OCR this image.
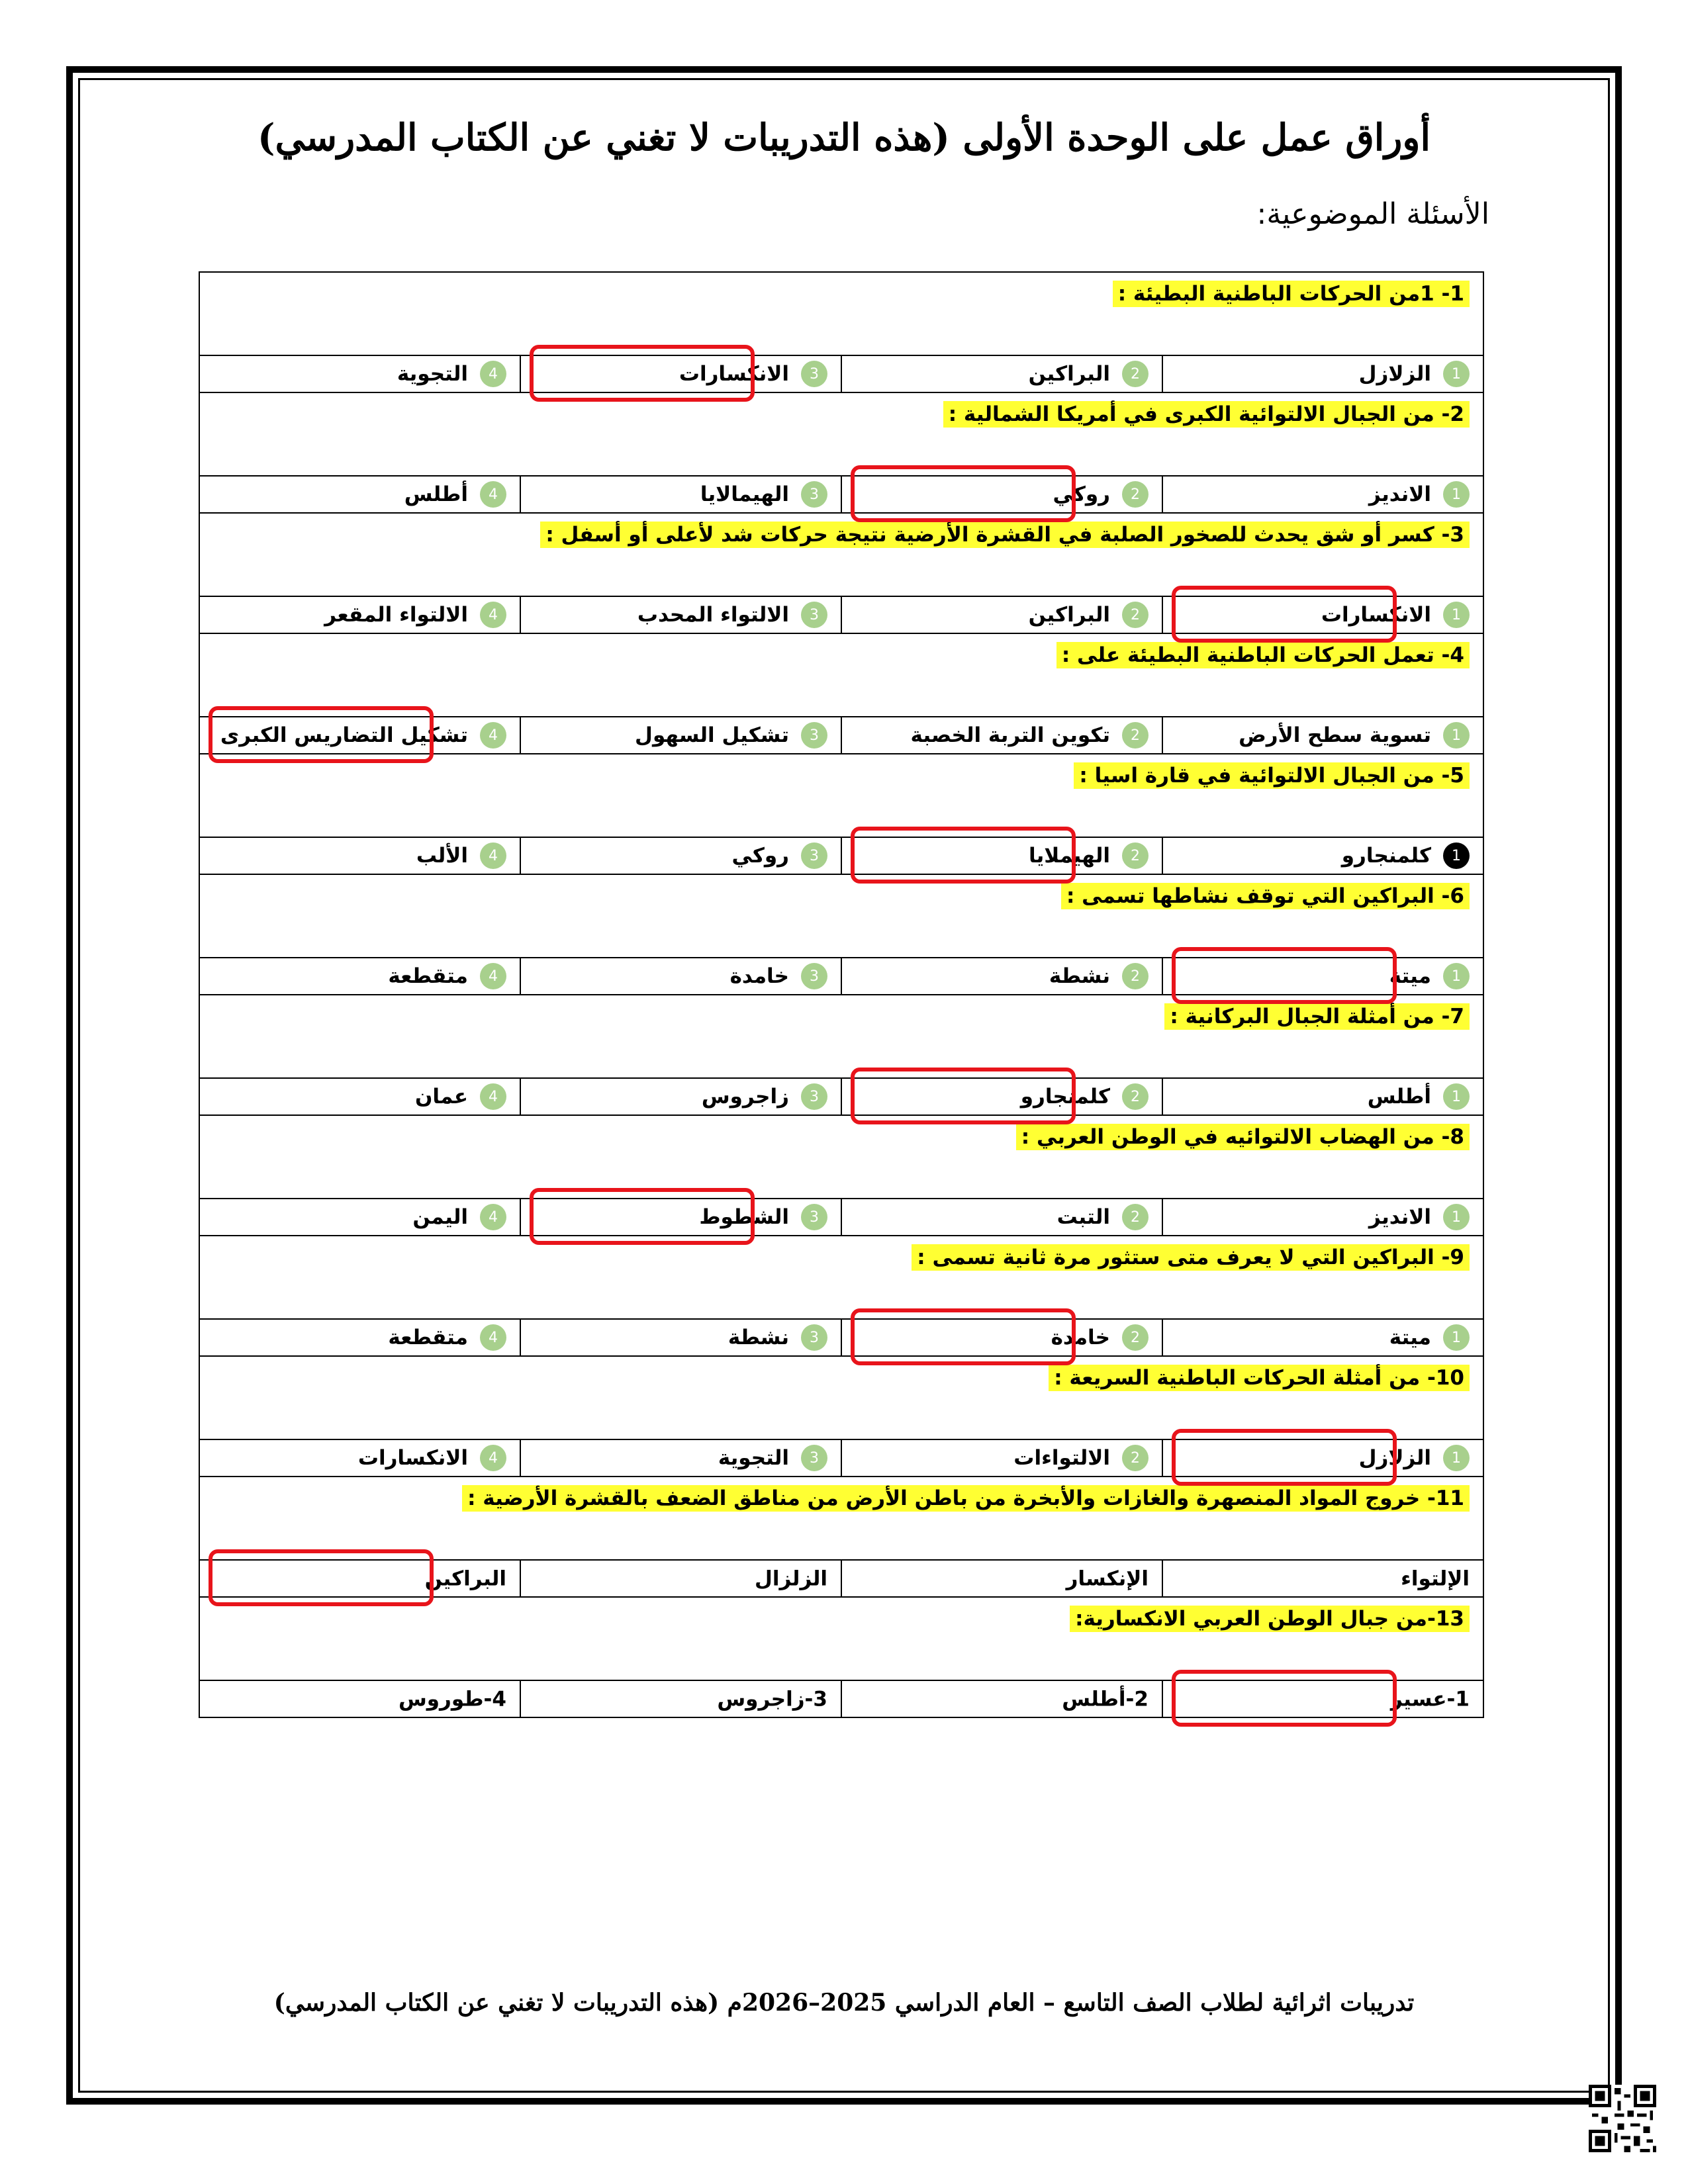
أوراق عمل على الوحدة الأولى (هذه التدريبات لا تغني عن الكتاب المدرسي)
الأسئلة الموضوعية:
1- 1من الحركات الباطنية البطيئة :			
1الزلازل	2البراكين	3الانكسارات	4التجوية
2- من الجبال الالتوائية الكبرى في أمريكا الشمالية :			
1الانديز	2روكي	3الهيمالايا	4أطلس
3- كسر أو شق يحدث للصخور الصلبة في القشرة الأرضية نتيجة حركات شد لأعلى أو أسفل :			
1الانكسارات	2البراكين	3الالتواء المحدب	4الالتواء المقعر
4- تعمل الحركات الباطنية البطيئة على :			
1تسوية سطح الأرض	2تكوين التربة الخصبة	3تشكيل السهول	4تشكيل التضاريس الكبرى
5- من الجبال الالتوائية في قارة اسيا :			
1كلمنجارو	2الهيملايا	3روكي	4الألب
6- البراكين التي توقف نشاطها تسمى :			
1ميتة	2نشطة	3خامدة	4متقطعة
7- من أمثلة الجبال البركانية :			
1أطلس	2كلمنجارو	3زاجروس	4عمان
8- من الهضاب الالتوائيه في الوطن العربي :			
1الانديز	2التبت	3الشطوط	4اليمن
9- البراكين التي لا يعرف متى ستثور مرة ثانية تسمى :			
1ميتة	2خامدة	3نشطة	4متقطعة
10- من أمثلة الحركات الباطنية السريعة :			
1الزلازل	2الالتواءات	3التجوية	4الانكسارات
11- خروج المواد المنصهرة والغازات والأبخرة من باطن الأرض من مناطق الضعف بالقشرة الأرضية :			
الإلتواء	الإنكسار	الزلزال	البراكين
13-من جبال الوطن العربي الانكسارية:			
1-عسير	2-أطلس	3-زاجروس	4-طوروس
تدريبات اثرائية لطلاب الصف التاسع – العام الدراسي 2025–2026م (هذه التدريبات لا تغني عن الكتاب المدرسي)
